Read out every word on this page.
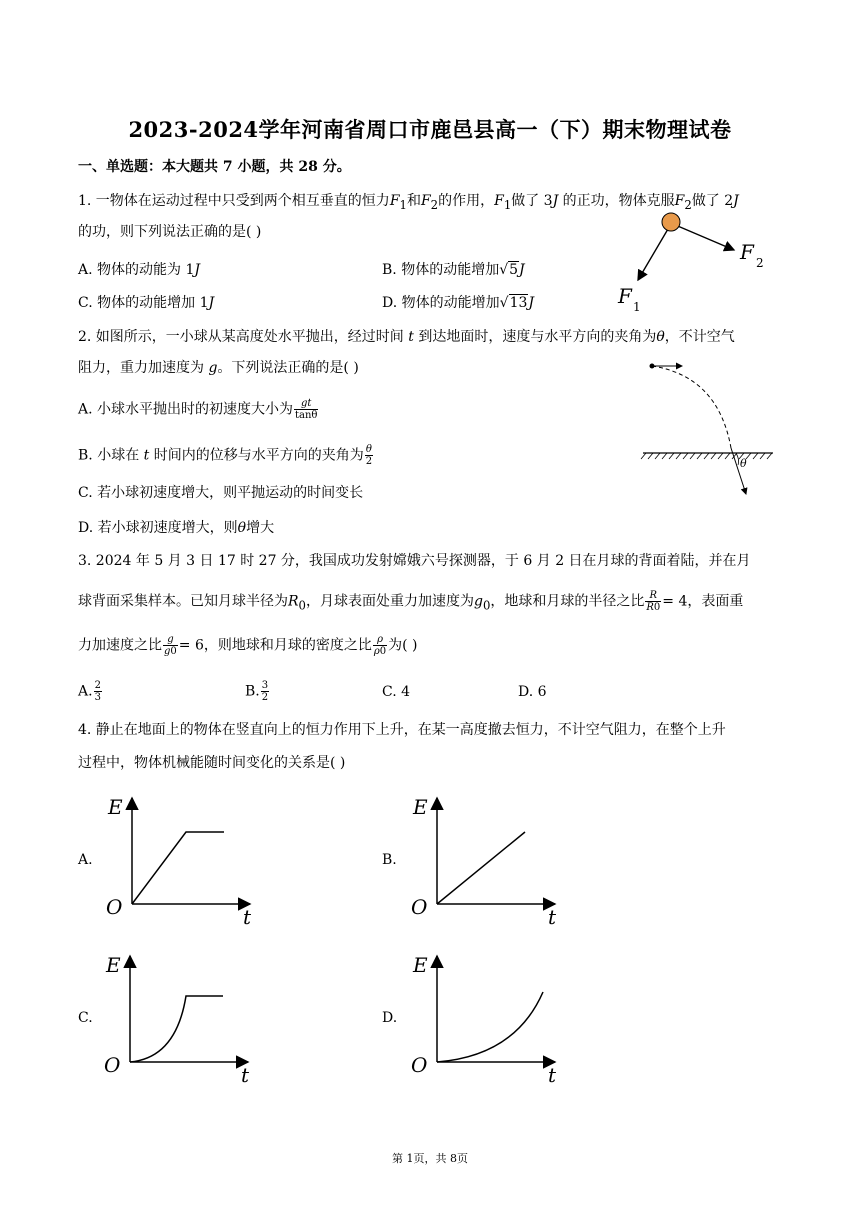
2023-2024学年河南省周口市鹿邑县高一（下）期末物理试卷
一、单选题：本大题共 7 小题，共 28 分。
1. 一物体在运动过程中只受到两个相互垂直的恒力$F_1$和$F_2$的作用，$F_1$做了 3J 的正功，物体克服$F_2$做了 2J
的功，则下列说法正确的是( )
A. 物体的动能为 1J	B. 物体的动能增加√5J
C. 物体的动能增加 1J	D. 物体的动能增加√13J
F 2
F 1
2. 如图所示，一小球从某高度处水平抛出，经过时间 t 到达地面时，速度与水平方向的夹角为θ，不计空气
阻力，重力加速度为 g。下列说法正确的是( )
A. 小球水平抛出时的初速度大小为 $\frac{gt}{\tan\theta}$
B. 小球在 t 时间内的位移与水平方向的夹角为 $\frac{\theta}{2}$
C. 若小球初速度增大，则平抛运动的时间变长
D. 若小球初速度增大，则θ增大
θ
3. 2024 年 5 月 3 日 17 时 27 分，我国成功发射嫦娥六号探测器，于 6 月 2 日在月球的背面着陆，并在月
球背面采集样本。已知月球半径为$R_0$，月球表面处重力加速度为$g_0$，地球和月球的半径之比 $\frac{R}{R0} = 4$，表面重
力加速度之比 $\frac{g}{g0} = 6$，则地球和月球的密度之比 $\frac{\rho}{\rho 0}$ 为( )
A. $\frac{2}{3}$	B. $\frac{3}{2}$	C. 4	D. 6
4. 静止在地面上的物体在竖直向上的恒力作用下上升，在某一高度撤去恒力，不计空气阻力，在整个上升
过程中，物体机械能随时间变化的关系是( )
A.	B.
C.	D.
E
O	t
E
O	t
E
O	t
E
O	t
第 1页，共 8页
